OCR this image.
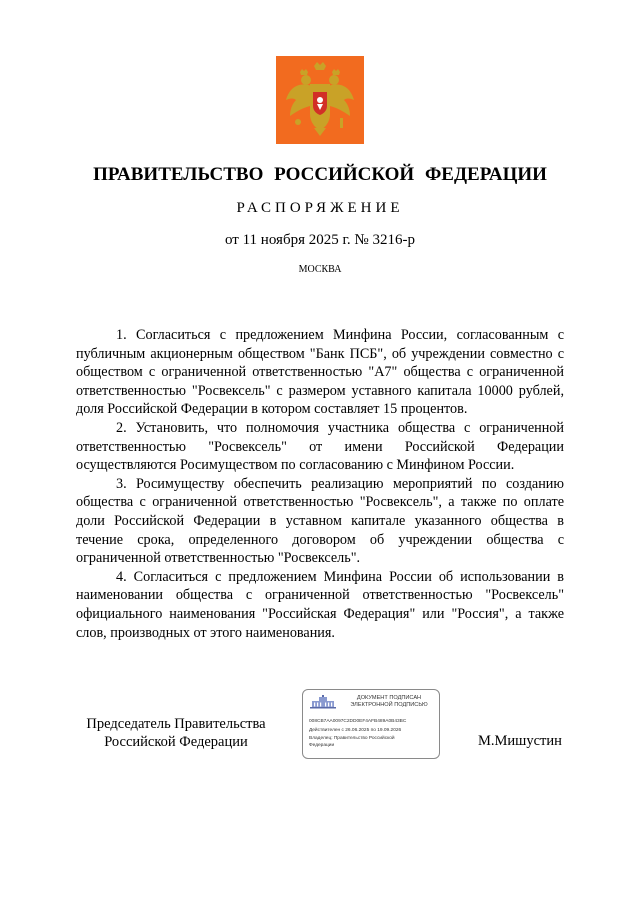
ПРАВИТЕЛЬСТВО РОССИЙСКОЙ ФЕДЕРАЦИИ
РАСПОРЯЖЕНИЕ
от 11 ноября 2025 г. № 3216-р
МОСКВА

1. Согласиться с предложением Минфина России, согласованным с публичным акционерным обществом "Банк ПСБ", об учреждении совместно с обществом с ограниченной ответственностью "А7" общества с ограниченной ответственностью "Росвексель" с размером уставного капитала 10000 рублей, доля Российской Федерации в котором составляет 15 процентов.

2. Установить, что полномочия участника общества с ограниченной ответственностью "Росвексель" от имени Российской Федерации осуществляются Росимуществом по согласованию с Минфином России.

3. Росимуществу обеспечить реализацию мероприятий по созданию общества с ограниченной ответственностью "Росвексель", а также по оплате доли Российской Федерации в уставном капитале указанного общества в течение срока, определенного договором об учреждении общества с ограниченной ответственностью "Росвексель".

4. Согласиться с предложением Минфина России об использовании в наименовании общества с ограниченной ответственностью "Росвексель" официального наименования "Российская Федерация" или "Россия", а также слов, производных от этого наименования.

Председатель Правительства
Российской Федерации
ДОКУМЕНТ ПОДПИСАН
ЭЛЕКТРОННОЙ ПОДПИСЬЮ
008CB7AA0097C2DD0EF4AFB489A0B43BC
Действителен с 26.06.2025 по 19.09.2026
Владелец: Правительство Российской
Федерации	М.Мишустин
